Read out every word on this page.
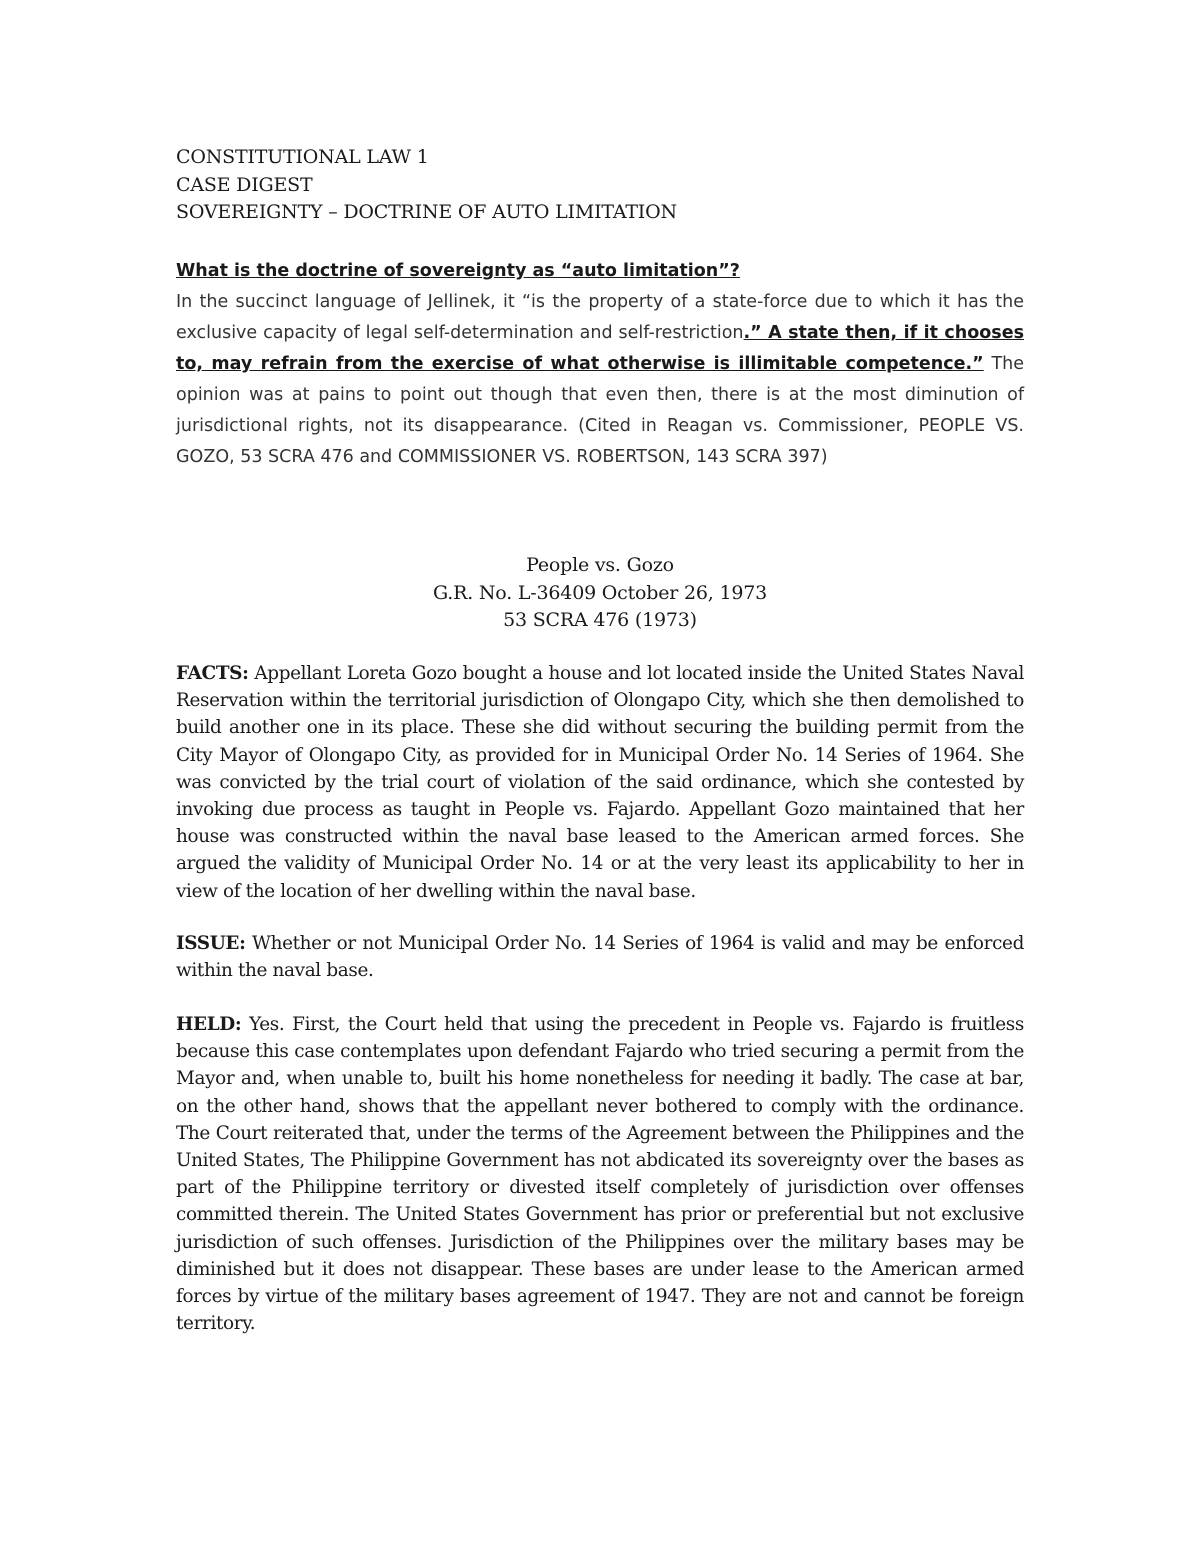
CONSTITUTIONAL LAW 1
CASE DIGEST
SOVEREIGNTY – DOCTRINE OF AUTO LIMITATION
What is the doctrine of sovereignty as “auto limitation”?
In the succinct language of Jellinek, it “is the property of a state-force due to which it has the exclusive capacity of legal self-determination and self-restriction.” A state then, if it chooses to, may refrain from the exercise of what otherwise is illimitable competence.” The opinion was at pains to point out though that even then, there is at the most diminution of jurisdictional rights, not its disappearance. (Cited in Reagan vs. Commissioner, PEOPLE VS. GOZO, 53 SCRA 476 and COMMISSIONER VS. ROBERTSON, 143 SCRA 397)
People vs. Gozo
G.R. No. L-36409 October 26, 1973
53 SCRA 476 (1973)
FACTS: Appellant Loreta Gozo bought a house and lot located inside the United States Naval Reservation within the territorial jurisdiction of Olongapo City, which she then demolished to build another one in its place. These she did without securing the building permit from the City Mayor of Olongapo City, as provided for in Municipal Order No. 14 Series of 1964. She was convicted by the trial court of violation of the said ordinance, which she contested by invoking due process as taught in People vs. Fajardo. Appellant Gozo maintained that her house was constructed within the naval base leased to the American armed forces. She argued the validity of Municipal Order No. 14 or at the very least its applicability to her in view of the location of her dwelling within the naval base.
ISSUE: Whether or not Municipal Order No. 14 Series of 1964 is valid and may be enforced within the naval base.
HELD: Yes. First, the Court held that using the precedent in People vs. Fajardo is fruitless because this case contemplates upon defendant Fajardo who tried securing a permit from the Mayor and, when unable to, built his home nonetheless for needing it badly. The case at bar, on the other hand, shows that the appellant never bothered to comply with the ordinance. The Court reiterated that, under the terms of the Agreement between the Philippines and the United States, The Philippine Government has not abdicated its sovereignty over the bases as part of the Philippine territory or divested itself completely of jurisdiction over offenses committed therein. The United States Government has prior or preferential but not exclusive jurisdiction of such offenses. Jurisdiction of the Philippines over the military bases may be diminished but it does not disappear. These bases are under lease to the American armed forces by virtue of the military bases agreement of 1947. They are not and cannot be foreign territory.
